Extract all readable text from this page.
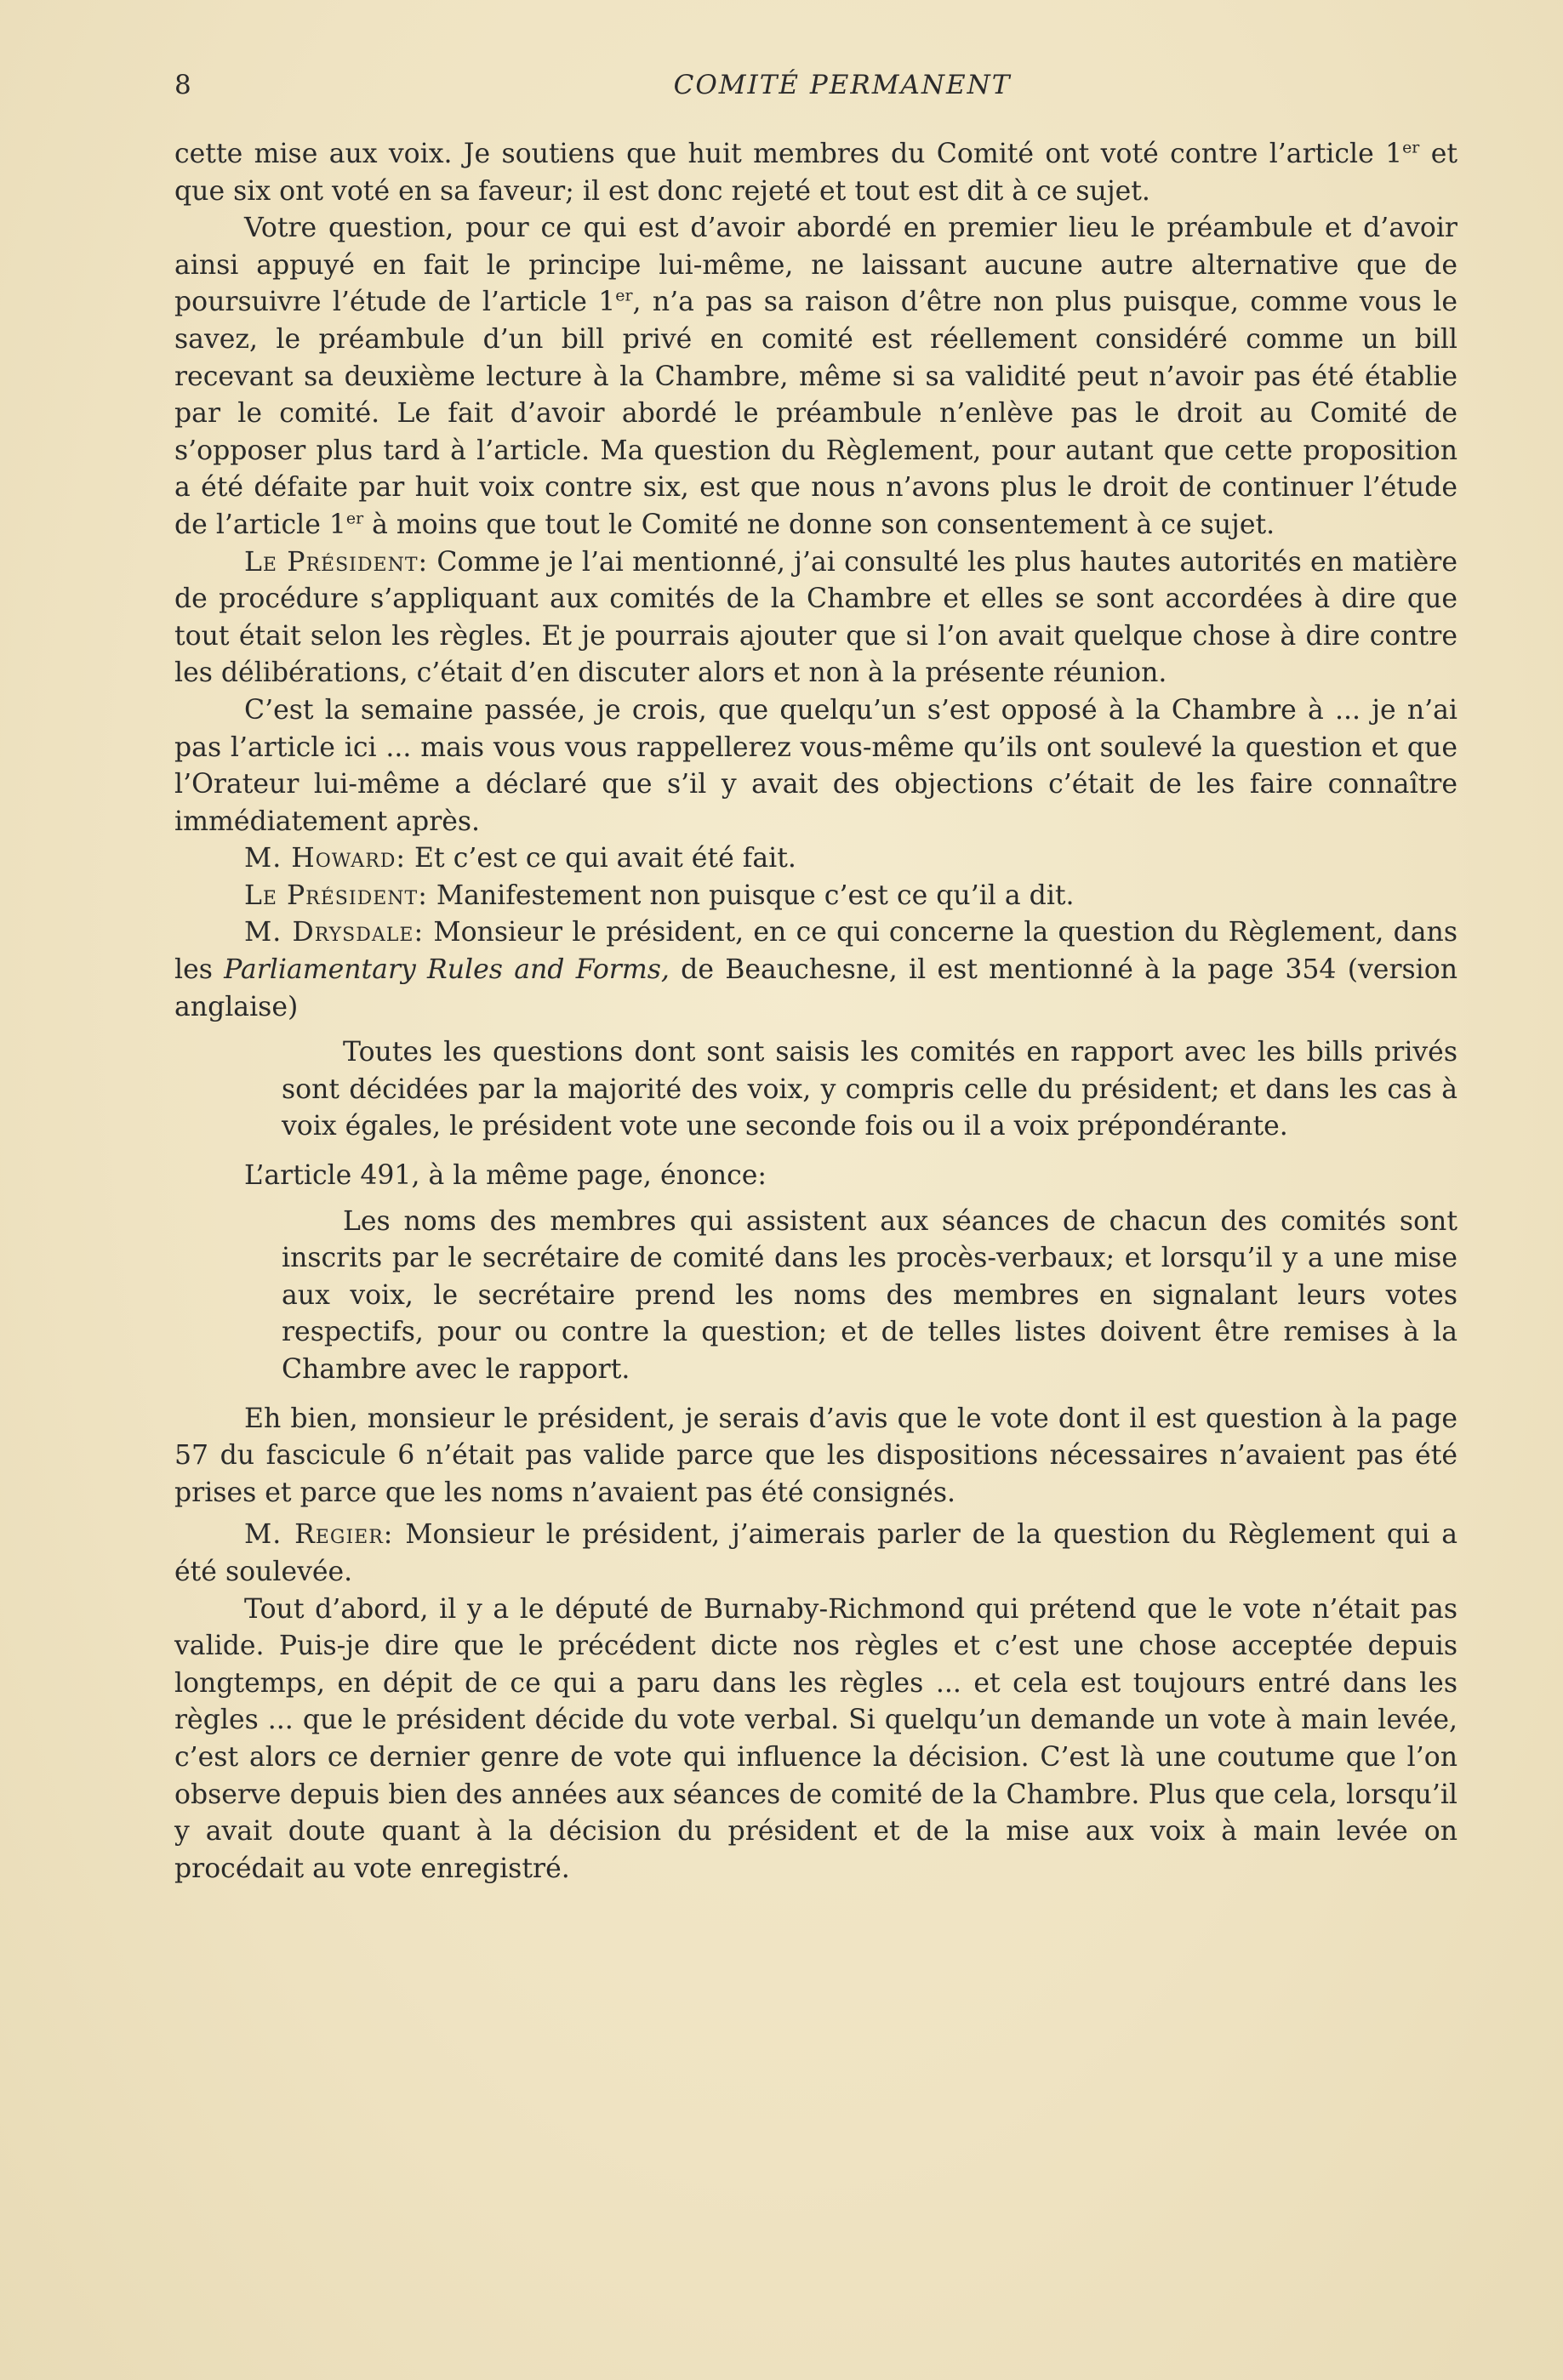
8	COMITÉ PERMANENT

cette mise aux voix. Je soutiens que huit membres du Comité ont voté contre l’article 1er et que six ont voté en sa faveur; il est donc rejeté et tout est dit à ce sujet.

Votre question, pour ce qui est d’avoir abordé en premier lieu le préambule et d’avoir ainsi appuyé en fait le principe lui-même, ne laissant aucune autre alternative que de poursuivre l’étude de l’article 1er, n’a pas sa raison d’être non plus puisque, comme vous le savez, le préambule d’un bill privé en comité est réellement considéré comme un bill recevant sa deuxième lecture à la Chambre, même si sa validité peut n’avoir pas été établie par le comité. Le fait d’avoir abordé le préambule n’enlève pas le droit au Comité de s’opposer plus tard à l’article. Ma question du Règlement, pour autant que cette proposition a été défaite par huit voix contre six, est que nous n’avons plus le droit de continuer l’étude de l’article 1er à moins que tout le Comité ne donne son consentement à ce sujet.

Le Président: Comme je l’ai mentionné, j’ai consulté les plus hautes autorités en matière de procédure s’appliquant aux comités de la Chambre et elles se sont accordées à dire que tout était selon les règles. Et je pourrais ajouter que si l’on avait quelque chose à dire contre les délibérations, c’était d’en discuter alors et non à la présente réunion.

C’est la semaine passée, je crois, que quelqu’un s’est opposé à la Chambre à ... je n’ai pas l’article ici ... mais vous vous rappellerez vous-même qu’ils ont soulevé la question et que l’Orateur lui-même a déclaré que s’il y avait des objections c’était de les faire connaître immédiatement après.

M. Howard: Et c’est ce qui avait été fait.

Le Président: Manifestement non puisque c’est ce qu’il a dit.

M. Drysdale: Monsieur le président, en ce qui concerne la question du Règlement, dans les Parliamentary Rules and Forms, de Beauchesne, il est mentionné à la page 354 (version anglaise)

Toutes les questions dont sont saisis les comités en rapport avec les bills privés sont décidées par la majorité des voix, y compris celle du président; et dans les cas à voix égales, le président vote une seconde fois ou il a voix prépondérante.

L’article 491, à la même page, énonce:

Les noms des membres qui assistent aux séances de chacun des comités sont inscrits par le secrétaire de comité dans les procès-verbaux; et lorsqu’il y a une mise aux voix, le secrétaire prend les noms des membres en signalant leurs votes respectifs, pour ou contre la question; et de telles listes doivent être remises à la Chambre avec le rapport.

Eh bien, monsieur le président, je serais d’avis que le vote dont il est question à la page 57 du fascicule 6 n’était pas valide parce que les dispositions nécessaires n’avaient pas été prises et parce que les noms n’avaient pas été consignés.

M. Regier: Monsieur le président, j’aimerais parler de la question du Règlement qui a été soulevée.

Tout d’abord, il y a le député de Burnaby-Richmond qui prétend que le vote n’était pas valide. Puis-je dire que le précédent dicte nos règles et c’est une chose acceptée depuis longtemps, en dépit de ce qui a paru dans les règles ... et cela est toujours entré dans les règles ... que le président décide du vote verbal. Si quelqu’un demande un vote à main levée, c’est alors ce dernier genre de vote qui influence la décision. C’est là une coutume que l’on observe depuis bien des années aux séances de comité de la Chambre. Plus que cela, lorsqu’il y avait doute quant à la décision du président et de la mise aux voix à main levée on procédait au vote enregistré.
